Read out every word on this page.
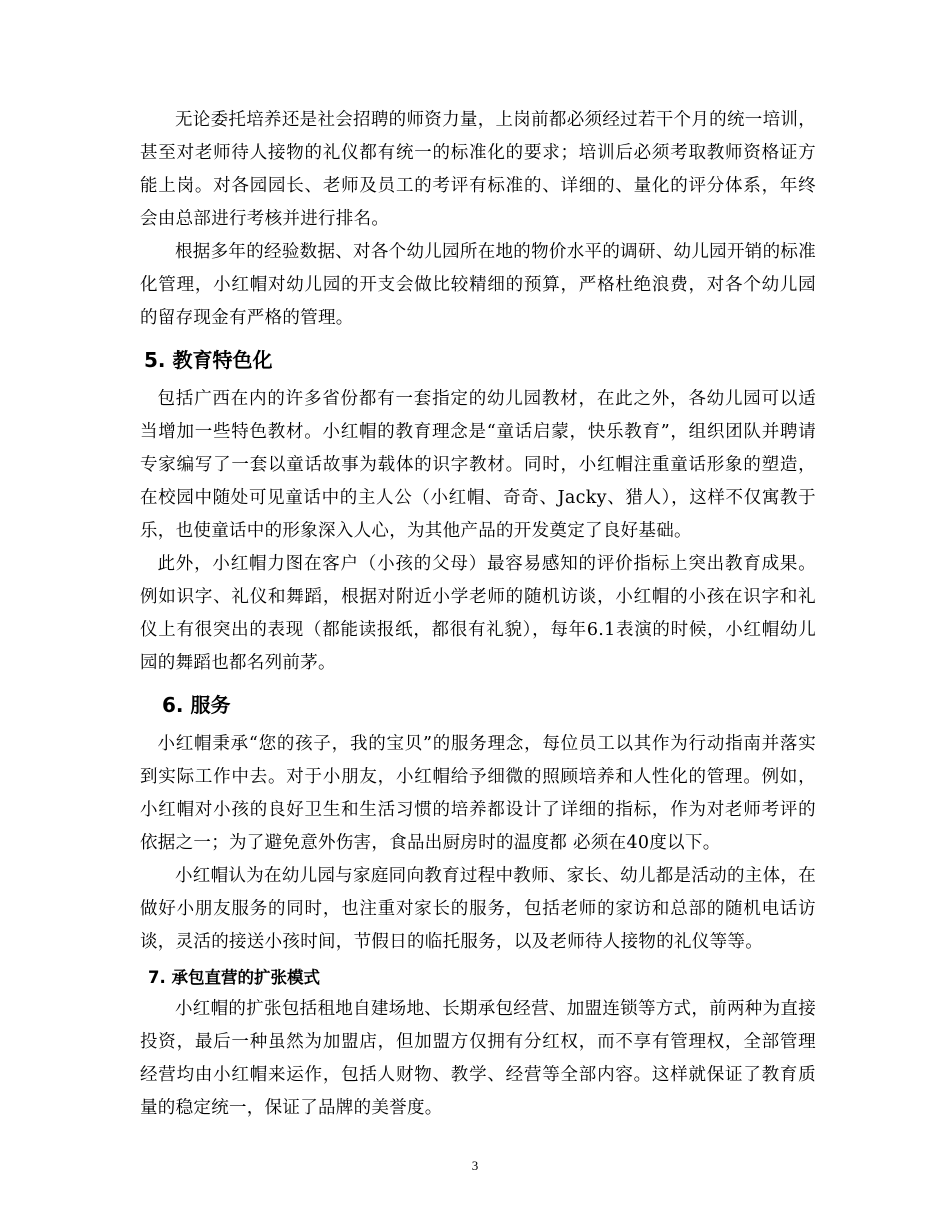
无论委托培养还是社会招聘的师资力量，上岗前都必须经过若干个月的统一培训，甚至对老师待人接物的礼仪都有统一的标准化的要求；培训后必须考取教师资格证方能上岗。对各园园长、老师及员工的考评有标准的、详细的、量化的评分体系，年终会由总部进行考核并进行排名。

根据多年的经验数据、对各个幼儿园所在地的物价水平的调研、幼儿园开销的标准化管理，小红帽对幼儿园的开支会做比较精细的预算，严格杜绝浪费，对各个幼儿园的留存现金有严格的管理。

5. 教育特色化

包括广西在内的许多省份都有一套指定的幼儿园教材，在此之外，各幼儿园可以适当增加一些特色教材。小红帽的教育理念是“童话启蒙，快乐教育”，组织团队并聘请专家编写了一套以童话故事为载体的识字教材。同时，小红帽注重童话形象的塑造，在校园中随处可见童话中的主人公（小红帽、奇奇、Jacky、猎人），这样不仅寓教于乐，也使童话中的形象深入人心，为其他产品的开发奠定了良好基础。

此外，小红帽力图在客户（小孩的父母）最容易感知的评价指标上突出教育成果。例如识字、礼仪和舞蹈，根据对附近小学老师的随机访谈，小红帽的小孩在识字和礼仪上有很突出的表现（都能读报纸，都很有礼貌），每年6.1表演的时候，小红帽幼儿园的舞蹈也都名列前茅。

6. 服务

小红帽秉承“您的孩子，我的宝贝”的服务理念，每位员工以其作为行动指南并落实到实际工作中去。对于小朋友，小红帽给予细微的照顾培养和人性化的管理。例如，小红帽对小孩的良好卫生和生活习惯的培养都设计了详细的指标，作为对老师考评的依据之一；为了避免意外伤害，食品出厨房时的温度都 必须在40度以下。

小红帽认为在幼儿园与家庭同向教育过程中教师、家长、幼儿都是活动的主体，在做好小朋友服务的同时，也注重对家长的服务，包括老师的家访和总部的随机电话访谈，灵活的接送小孩时间，节假日的临托服务，以及老师待人接物的礼仪等等。

7. 承包直营的扩张模式

小红帽的扩张包括租地自建场地、长期承包经营、加盟连锁等方式，前两种为直接投资，最后一种虽然为加盟店，但加盟方仅拥有分红权，而不享有管理权，全部管理经营均由小红帽来运作，包括人财物、教学、经营等全部内容。这样就保证了教育质量的稳定统一，保证了品牌的美誉度。

3
